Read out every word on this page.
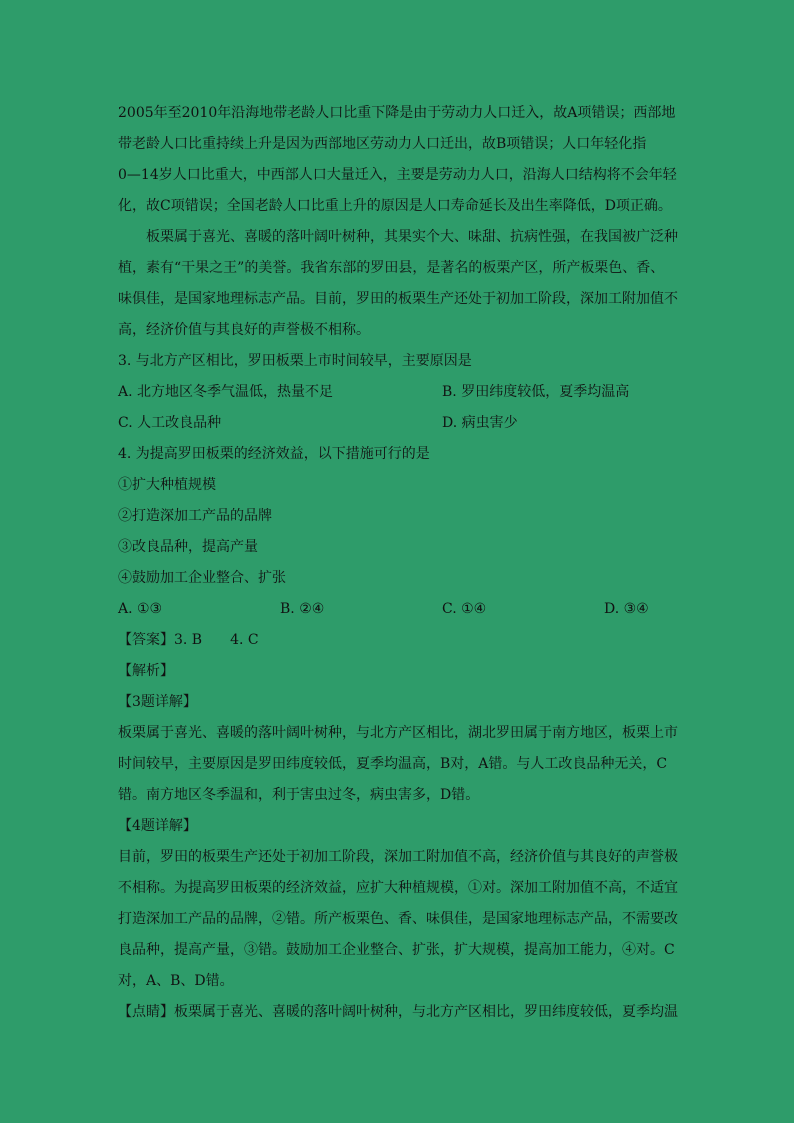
2005年至2010年沿海地带老龄人口比重下降是由于劳动力人口迁入，故A项错误；西部地
带老龄人口比重持续上升是因为西部地区劳动力人口迁出，故B项错误；人口年轻化指
0—14岁人口比重大，中西部人口大量迁入，主要是劳动力人口，沿海人口结构将不会年轻
化，故C项错误；全国老龄人口比重上升的原因是人口寿命延长及出生率降低，D项正确。
板栗属于喜光、喜暖的落叶阔叶树种，其果实个大、味甜、抗病性强，在我国被广泛种
植，素有“干果之王”的美誉。我省东部的罗田县，是著名的板栗产区，所产板栗色、香、
味俱佳，是国家地理标志产品。目前，罗田的板栗生产还处于初加工阶段，深加工附加值不
高，经济价值与其良好的声誉极不相称。
3. 与北方产区相比，罗田板栗上市时间较早，主要原因是
A. 北方地区冬季气温低，热量不足	B. 罗田纬度较低，夏季均温高
C. 人工改良品种	D. 病虫害少
4. 为提高罗田板栗的经济效益，以下措施可行的是
①扩大种植规模
②打造深加工产品的品牌
③改良品种，提高产量
④鼓励加工企业整合、扩张
A. ①③	B. ②④	C. ①④	D. ③④
【答案】3. B　　4. C
【解析】
【3题详解】
板栗属于喜光、喜暖的落叶阔叶树种，与北方产区相比，湖北罗田属于南方地区，板栗上市
时间较早，主要原因是罗田纬度较低，夏季均温高，B对，A错。与人工改良品种无关，C
错。南方地区冬季温和，利于害虫过冬，病虫害多，D错。
【4题详解】
目前，罗田的板栗生产还处于初加工阶段，深加工附加值不高，经济价值与其良好的声誉极
不相称。为提高罗田板栗的经济效益，应扩大种植规模，①对。深加工附加值不高，不适宜
打造深加工产品的品牌，②错。所产板栗色、香、味俱佳，是国家地理标志产品，不需要改
良品种，提高产量，③错。鼓励加工企业整合、扩张，扩大规模，提高加工能力，④对。C
对，A、B、D错。
【点睛】板栗属于喜光、喜暖的落叶阔叶树种，与北方产区相比，罗田纬度较低，夏季均温
